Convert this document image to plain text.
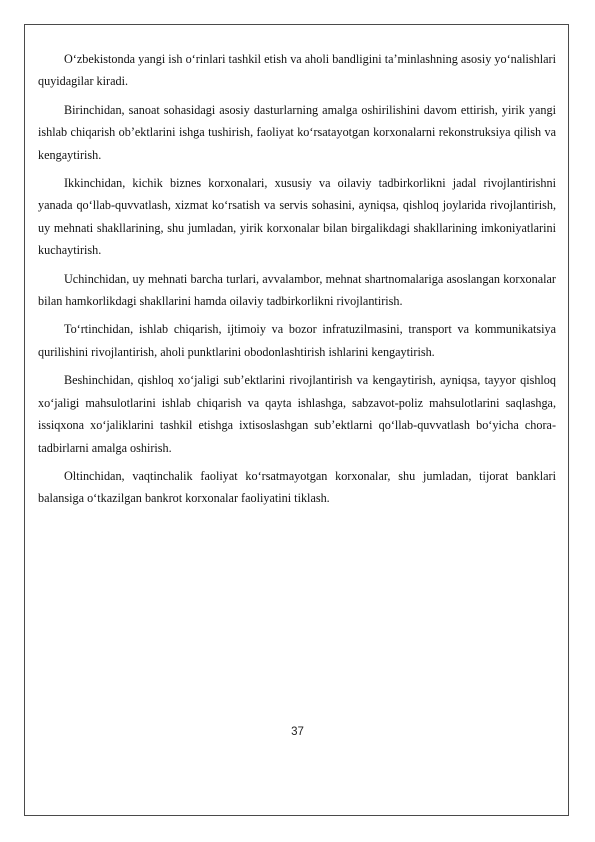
O‘zbekistonda yangi ish o‘rinlari tashkil etish va aholi bandligini ta’minlashning asosiy yo‘nalishlari quyidagilar kiradi.

Birinchidan, sanoat sohasidagi asosiy dasturlarning amalga oshirilishini davom ettirish, yirik yangi ishlab chiqarish ob’ektlarini ishga tushirish, faoliyat ko‘rsatayotgan korxonalarni rekonstruksiya qilish va kengaytirish.

Ikkinchidan, kichik biznes korxonalari, xususiy va oilaviy tadbirkorlikni jadal rivojlantirishni yanada qo‘llab-quvvatlash, xizmat ko‘rsatish va servis sohasini, ayniqsa, qishloq joylarida rivojlantirish, uy mehnati shakllarining, shu jumladan, yirik korxonalar bilan birgalikdagi shakllarining imkoniyatlarini kuchaytirish.

Uchinchidan, uy mehnati barcha turlari, avvalambor, mehnat shartnomalariga asoslangan korxonalar bilan hamkorlikdagi shakllarini hamda oilaviy tadbirkorlikni rivojlantirish.

To‘rtinchidan, ishlab chiqarish, ijtimoiy va bozor infratuzilmasini, transport va kommunikatsiya qurilishini rivojlantirish, aholi punktlarini obodonlashtirish ishlarini kengaytirish.

Beshinchidan, qishloq xo‘jaligi sub’ektlarini rivojlantirish va kengaytirish, ayniqsa, tayyor qishloq xo‘jaligi mahsulotlarini ishlab chiqarish va qayta ishlashga, sabzavot-poliz mahsulotlarini saqlashga, issiqxona xo‘jaliklarini tashkil etishga ixtisoslashgan sub’ektlarni qo‘llab-quvvatlash bo‘yicha chora-tadbirlarni amalga oshirish.

Oltinchidan, vaqtinchalik faoliyat ko‘rsatmayotgan korxonalar, shu jumladan, tijorat banklari balansiga o‘tkazilgan bankrot korxonalar faoliyatini tiklash.

37
